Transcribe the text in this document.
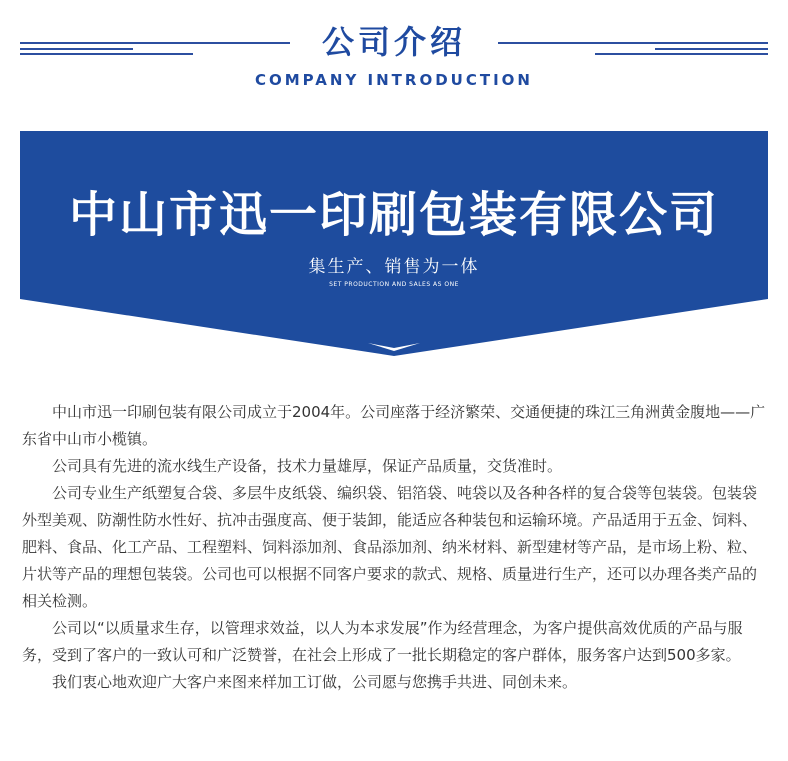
公司介绍
COMPANY INTRODUCTION
中山市迅一印刷包装有限公司
集生产、销售为一体
SET PRODUCTION AND SALES AS ONE

中山市迅一印刷包装有限公司成立于2004年。公司座落于经济繁荣、交通便捷的珠江三角洲黄金腹地——广东省中山市小榄镇。

公司具有先进的流水线生产设备，技术力量雄厚，保证产品质量，交货准时。

公司专业生产纸塑复合袋、多层牛皮纸袋、编织袋、铝箔袋、吨袋以及各种各样的复合袋等包装袋。包装袋外型美观、防潮性防水性好、抗冲击强度高、便于装卸，能适应各种装包和运输环境。产品适用于五金、饲料、肥料、食品、化工产品、工程塑料、饲料添加剂、食品添加剂、纳米材料、新型建材等产品，是市场上粉、粒、片状等产品的理想包装袋。公司也可以根据不同客户要求的款式、规格、质量进行生产，还可以办理各类产品的相关检测。

公司以“以质量求生存，以管理求效益，以人为本求发展”作为经营理念，为客户提供高效优质的产品与服务，受到了客户的一致认可和广泛赞誉，在社会上形成了一批长期稳定的客户群体，服务客户达到500多家。

我们衷心地欢迎广大客户来图来样加工订做，公司愿与您携手共进、同创未来。
